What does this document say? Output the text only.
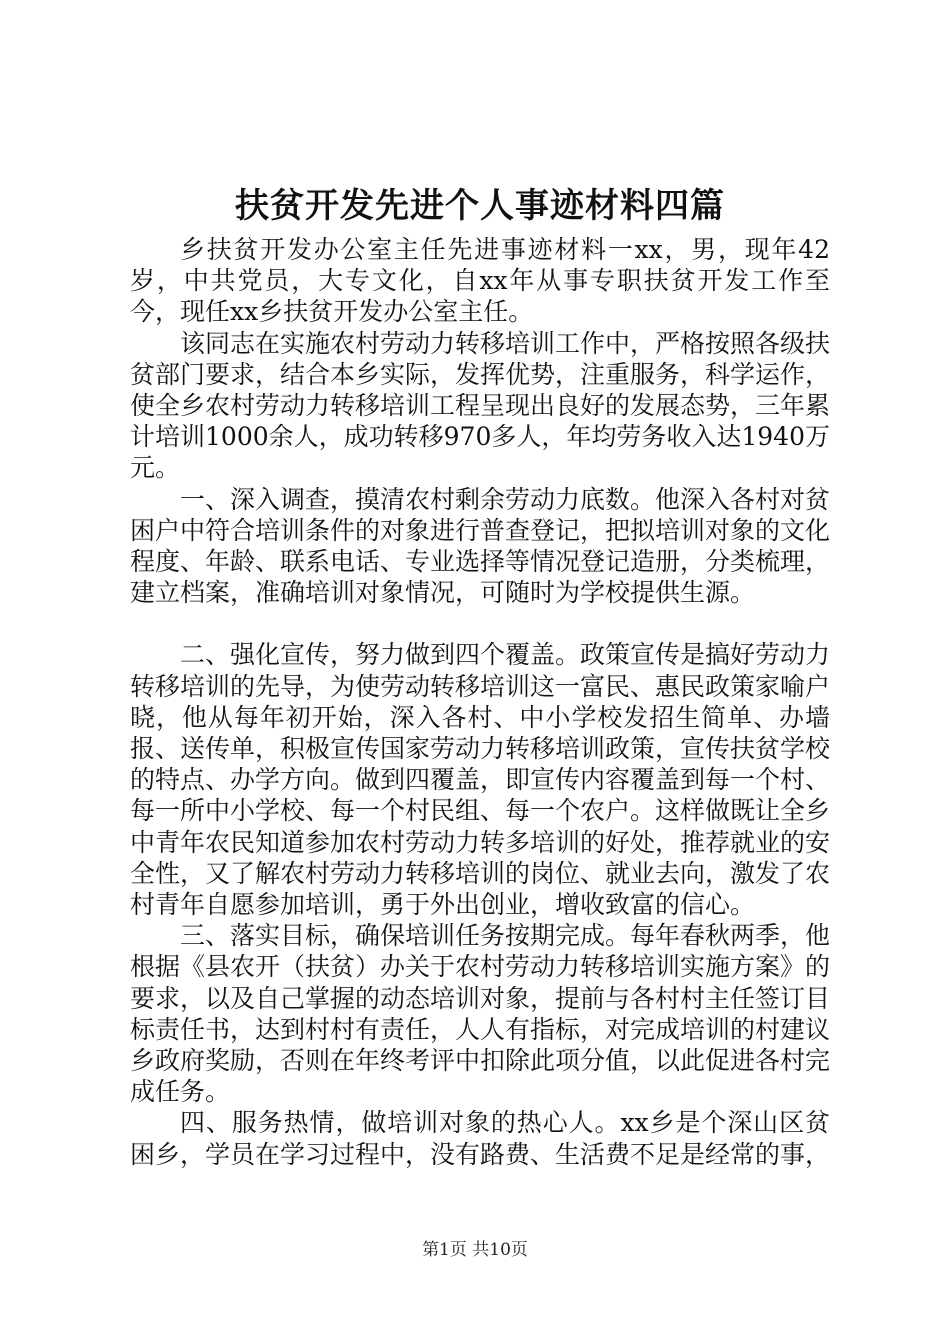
扶贫开发先进个人事迹材料四篇

乡扶贫开发办公室主任先进事迹材料一xx，男，现年42岁，中共党员，大专文化，自xx年从事专职扶贫开发工作至今，现任xx乡扶贫开发办公室主任。

该同志在实施农村劳动力转移培训工作中，严格按照各级扶贫部门要求，结合本乡实际，发挥优势，注重服务，科学运作，使全乡农村劳动力转移培训工程呈现出良好的发展态势，三年累计培训1000余人，成功转移970多人，年均劳务收入达1940万元。

一、深入调查，摸清农村剩余劳动力底数。他深入各村对贫困户中符合培训条件的对象进行普查登记，把拟培训对象的文化程度、年龄、联系电话、专业选择等情况登记造册，分类梳理，建立档案，准确培训对象情况，可随时为学校提供生源。

二、强化宣传，努力做到四个覆盖。政策宣传是搞好劳动力转移培训的先导，为使劳动转移培训这一富民、惠民政策家喻户晓，他从每年初开始，深入各村、中小学校发招生简单、办墙报、送传单，积极宣传国家劳动力转移培训政策，宣传扶贫学校的特点、办学方向。做到四覆盖，即宣传内容覆盖到每一个村、每一所中小学校、每一个村民组、每一个农户。这样做既让全乡中青年农民知道参加农村劳动力转多培训的好处，推荐就业的安全性，又了解农村劳动力转移培训的岗位、就业去向，激发了农村青年自愿参加培训，勇于外出创业，增收致富的信心。

三、落实目标，确保培训任务按期完成。每年春秋两季，他根据《县农开（扶贫）办关于农村劳动力转移培训实施方案》的要求，以及自己掌握的动态培训对象，提前与各村村主任签订目标责任书，达到村村有责任，人人有指标，对完成培训的村建议乡政府奖励，否则在年终考评中扣除此项分值，以此促进各村完成任务。

四、服务热情，做培训对象的热心人。xx乡是个深山区贫困乡，学员在学习过程中，没有路费、生活费不足是经常的事，

第1页 共10页
